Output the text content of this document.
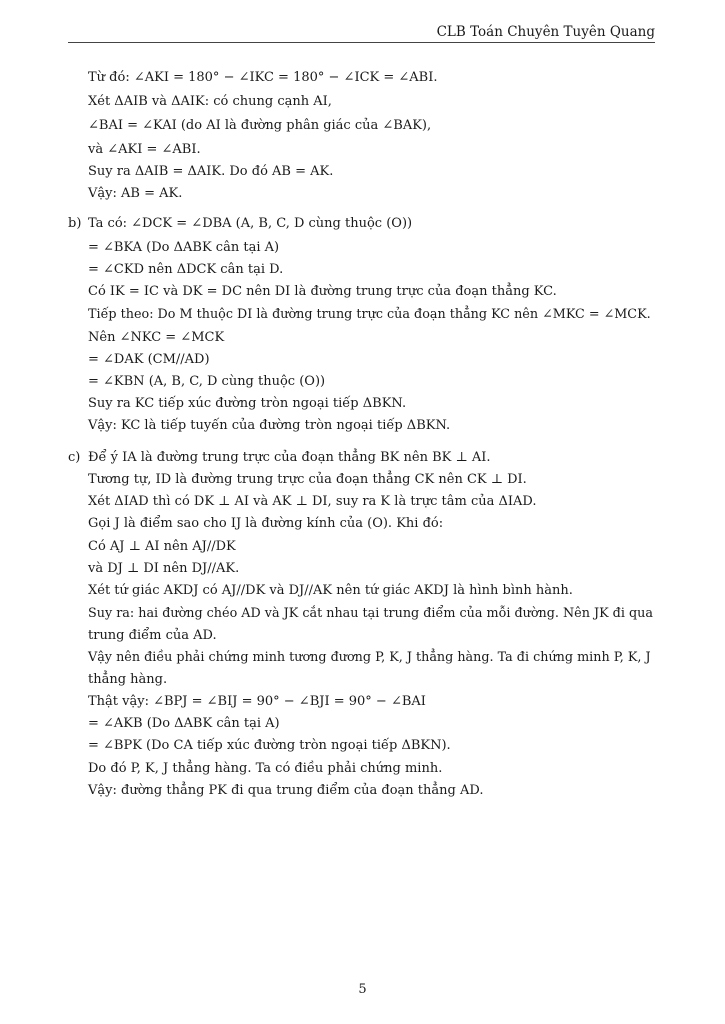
CLB Toán Chuyên Tuyên Quang
Từ đó: ∠AKI = 180° − ∠IKC = 180° − ∠ICK = ∠ABI.
Xét ΔAIB và ΔAIK: có chung cạnh AI,
∠BAI = ∠KAI (do AI là đường phân giác của ∠BAK),
và ∠AKI = ∠ABI.
Suy ra ΔAIB = ΔAIK. Do đó AB = AK.
Vậy: AB = AK.
b) Ta có: ∠DCK = ∠DBA (A, B, C, D cùng thuộc (O))
= ∠BKA (Do ΔABK cân tại A)
= ∠CKD nên ΔDCK cân tại D.
Có IK = IC và DK = DC nên DI là đường trung trực của đoạn thẳng KC.
Tiếp theo: Do M thuộc DI là đường trung trực của đoạn thẳng KC nên ∠MKC = ∠MCK.
Nên ∠NKC = ∠MCK
= ∠DAK (CM//AD)
= ∠KBN (A, B, C, D cùng thuộc (O))
Suy ra KC tiếp xúc đường tròn ngoại tiếp ΔBKN.
Vậy: KC là tiếp tuyến của đường tròn ngoại tiếp ΔBKN.
c) Để ý IA là đường trung trực của đoạn thẳng BK nên BK ⊥ AI.
Tương tự, ID là đường trung trực của đoạn thẳng CK nên CK ⊥ DI.
Xét ΔIAD thì có DK ⊥ AI và AK ⊥ DI, suy ra K là trực tâm của ΔIAD.
Gọi J là điểm sao cho IJ là đường kính của (O). Khi đó:
Có AJ ⊥ AI nên AJ//DK
và DJ ⊥ DI nên DJ//AK.
Xét tứ giác AKDJ có AJ//DK và DJ//AK nên tứ giác AKDJ là hình bình hành.
Suy ra: hai đường chéo AD và JK cắt nhau tại trung điểm của mỗi đường. Nên JK đi qua
trung điểm của AD.
Vậy nên điều phải chứng minh tương đương P, K, J thẳng hàng. Ta đi chứng minh P, K, J
thẳng hàng.
Thật vậy: ∠BPJ = ∠BIJ = 90° − ∠BJI = 90° − ∠BAI
= ∠AKB (Do ΔABK cân tại A)
= ∠BPK (Do CA tiếp xúc đường tròn ngoại tiếp ΔBKN).
Do đó P, K, J thẳng hàng. Ta có điều phải chứng minh.
Vậy: đường thẳng PK đi qua trung điểm của đoạn thẳng AD.
5
